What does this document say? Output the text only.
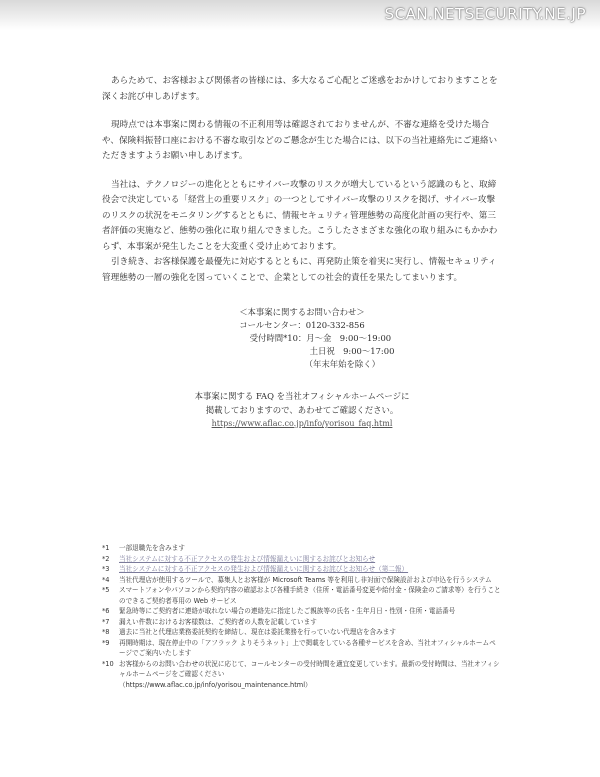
SCAN.NETSECURITY.NE.JP

あらためて、お客様および関係者の皆様には、多大なるご心配とご迷惑をおかけしておりますことを深くお詫び申しあげます。

現時点では本事案に関わる情報の不正利用等は確認されておりませんが、不審な連絡を受けた場合や、保険料振替口座における不審な取引などのご懸念が生じた場合には、以下の当社連絡先にご連絡いただきますようお願い申しあげます。

当社は、テクノロジーの進化とともにサイバー攻撃のリスクが増大しているという認識のもと、取締役会で決定している「経営上の重要リスク」の一つとしてサイバー攻撃のリスクを掲げ、サイバー攻撃のリスクの状況をモニタリングするとともに、情報セキュリティ管理態勢の高度化計画の実行や、第三者評価の実施など、態勢の強化に取り組んできました。こうしたさまざまな強化の取り組みにもかかわらず、本事案が発生したことを大変重く受け止めております。

引き続き、お客様保護を最優先に対応するとともに、再発防止策を着実に実行し、情報セキュリティ管理態勢の一層の強化を図っていくことで、企業としての社会的責任を果たしてまいります。

＜本事案に関するお問い合わせ＞
コールセンター：0120-332-856
受付時間*10：月～金　9:00～19:00
土日祝　9:00～17:00
（年末年始を除く）
本事案に関する FAQ を当社オフィシャルホームページに
掲載しておりますので、あわせてご確認ください。
https://www.aflac.co.jp/info/yorisou_faq.html
*1	一部退職先を含みます
*2	当社システムに対する不正アクセスの発生および情報漏えいに関するお詫びとお知らせ
*3	当社システムに対する不正アクセスの発生および情報漏えいに関するお詫びとお知らせ（第二報）
*4	当社代理店が使用するツールで、募集人とお客様が Microsoft Teams 等を利用し非対面で保険設計および申込を行うシステム
*5	スマートフォンやパソコンから契約内容の確認および各種手続き（住所・電話番号変更や給付金・保険金のご請求等）を行うことのできるご契約者専用の Web サービス
*6	緊急時等にご契約者に連絡が取れない場合の連絡先に指定したご親族等の氏名・生年月日・性別・住所・電話番号
*7	漏えい件数におけるお客様数は、ご契約者の人数を記載しています
*8	過去に当社と代理店業務委託契約を締結し、現在は委託業務を行っていない代理店を含みます
*9	再開時期は、現在停止中の「アフラック よりそうネット」上で掲載をしている各種サービスを含め、当社オフィシャルホームページでご案内いたします
*10 お客様からのお問い合わせの状況に応じて、コールセンターの受付時間を適宜変更しています。最新の受付時間は、当社オフィシャルホームページをご確認ください
（https://www.aflac.co.jp/info/yorisou_maintenance.html）
